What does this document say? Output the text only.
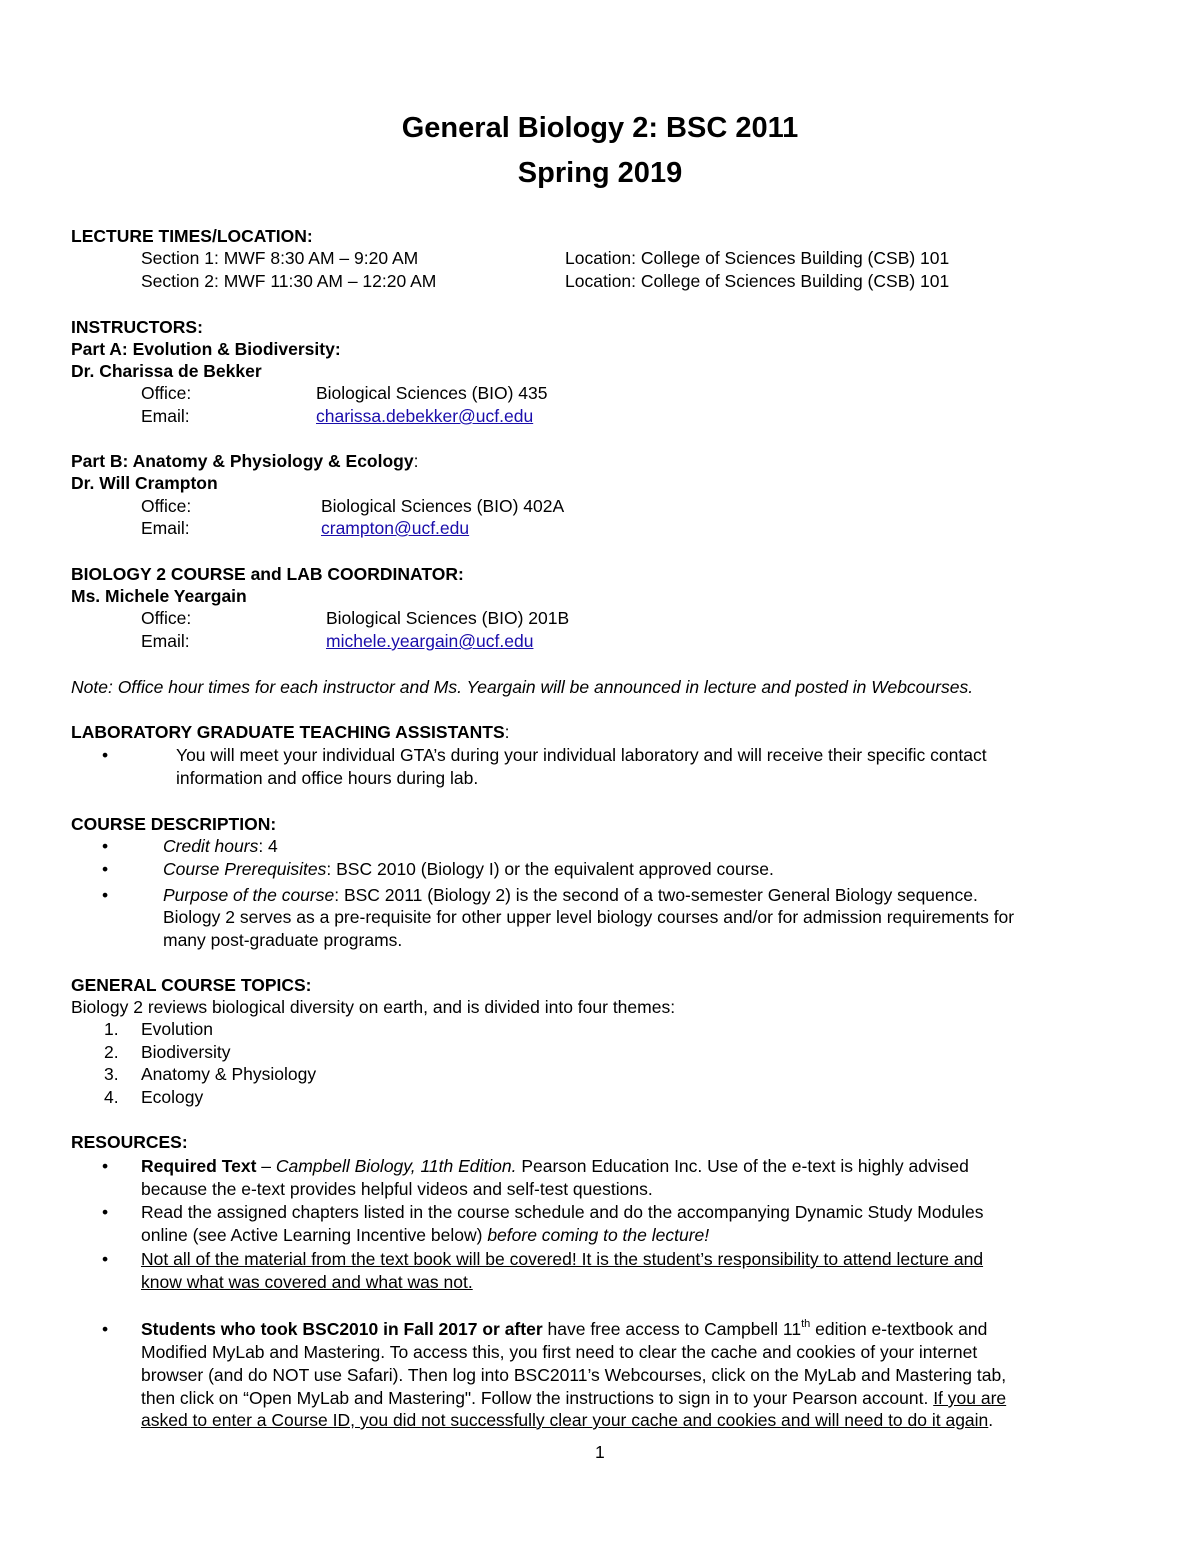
General Biology 2: BSC 2011
Spring 2019
LECTURE TIMES/LOCATION:
Section 1: MWF 8:30 AM – 9:20 AM	Location: College of Sciences Building (CSB) 101
Section 2: MWF 11:30 AM – 12:20 AM	Location: College of Sciences Building (CSB) 101
INSTRUCTORS:
Part A: Evolution & Biodiversity:
Dr. Charissa de Bekker
Office:	Biological Sciences (BIO) 435
Email:	charissa.debekker@ucf.edu
Part B: Anatomy & Physiology & Ecology:
Dr. Will Crampton
Office:	Biological Sciences (BIO) 402A
Email:	crampton@ucf.edu
BIOLOGY 2 COURSE and LAB COORDINATOR:
Ms. Michele Yeargain
Office:	Biological Sciences (BIO) 201B
Email:	michele.yeargain@ucf.edu
Note: Office hour times for each instructor and Ms. Yeargain will be announced in lecture and posted in Webcourses.
LABORATORY GRADUATE TEACHING ASSISTANTS:
•	You will meet your individual GTA’s during your individual laboratory and will receive their specific contact
information and office hours during lab.
COURSE DESCRIPTION:
•	Credit hours: 4
•	Course Prerequisites: BSC 2010 (Biology I) or the equivalent approved course.
•	Purpose of the course: BSC 2011 (Biology 2) is the second of a two-semester General Biology sequence.
Biology 2 serves as a pre-requisite for other upper level biology courses and/or for admission requirements for
many post-graduate programs.
GENERAL COURSE TOPICS:
Biology 2 reviews biological diversity on earth, and is divided into four themes:
1. Evolution
2. Biodiversity
3. Anatomy & Physiology
4. Ecology
RESOURCES:
• Required Text – Campbell Biology, 11th Edition. Pearson Education Inc. Use of the e-text is highly advised
because the e-text provides helpful videos and self-test questions.
• Read the assigned chapters listed in the course schedule and do the accompanying Dynamic Study Modules
online (see Active Learning Incentive below) before coming to the lecture!
• Not all of the material from the text book will be covered! It is the student’s responsibility to attend lecture and
know what was covered and what was not.
• Students who took BSC2010 in Fall 2017 or after have free access to Campbell 11th edition e-textbook and
Modified MyLab and Mastering. To access this, you first need to clear the cache and cookies of your internet
browser (and do NOT use Safari). Then log into BSC2011’s Webcourses, click on the MyLab and Mastering tab,
then click on “Open MyLab and Mastering". Follow the instructions to sign in to your Pearson account. If you are
asked to enter a Course ID, you did not successfully clear your cache and cookies and will need to do it again.
1
